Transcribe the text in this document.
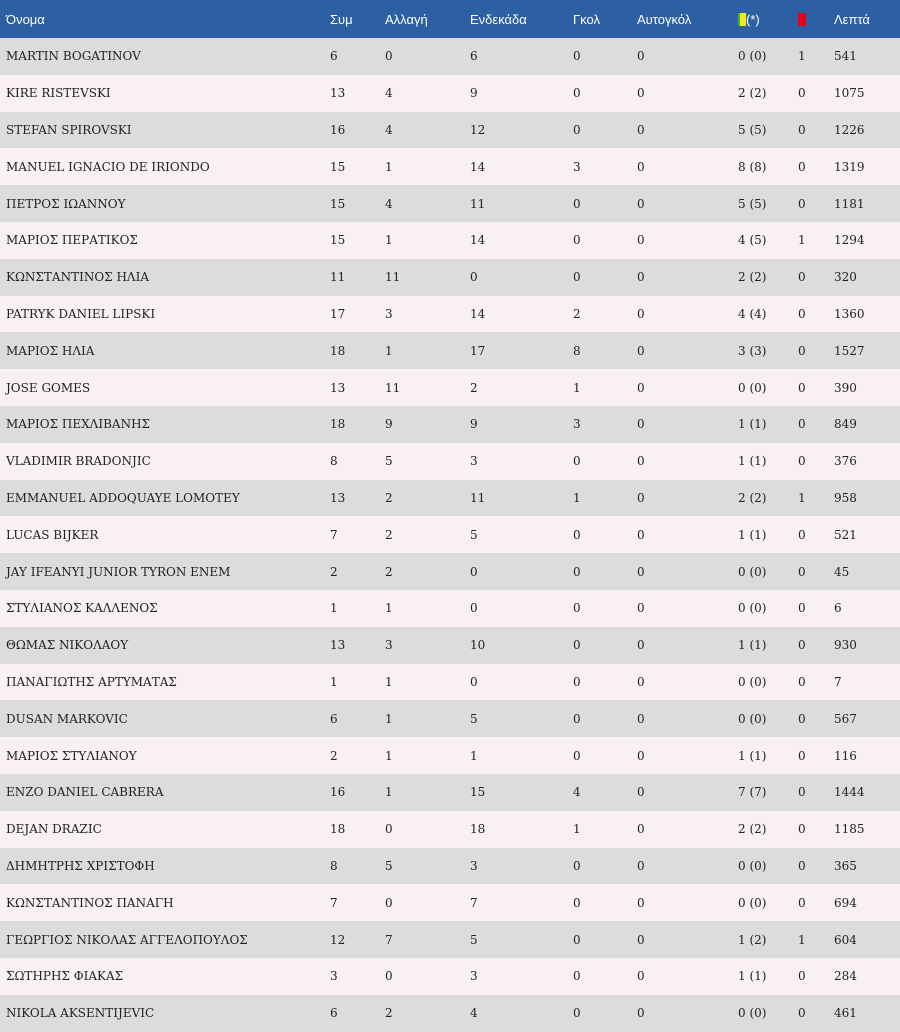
Όνομα	Συμ	Αλλαγή	Ενδεκάδα	Γκολ	Αυτογκόλ	(*)		Λεπτά
MARTIN BOGATINOV	6	0	6	0	0	0 (0)	1	541
KIRE RISTEVSKI	13	4	9	0	0	2 (2)	0	1075
STEFAN SPIROVSKI	16	4	12	0	0	5 (5)	0	1226
MANUEL IGNACIO DE IRIONDO	15	1	14	3	0	8 (8)	0	1319
ΠΕΤΡΟΣ ΙΩΑΝΝΟΥ	15	4	11	0	0	5 (5)	0	1181
ΜΑΡΙΟΣ ΠΕΡΑΤΙΚΟΣ	15	1	14	0	0	4 (5)	1	1294
ΚΩΝΣΤΑΝΤΙΝΟΣ ΗΛΙΑ	11	11	0	0	0	2 (2)	0	320
PATRYK DANIEL LIPSKI	17	3	14	2	0	4 (4)	0	1360
ΜΑΡΙΟΣ ΗΛΙΑ	18	1	17	8	0	3 (3)	0	1527
JOSE GOMES	13	11	2	1	0	0 (0)	0	390
ΜΑΡΙΟΣ ΠΕΧΛΙΒΑΝΗΣ	18	9	9	3	0	1 (1)	0	849
VLADIMIR BRADONJIC	8	5	3	0	0	1 (1)	0	376
EMMANUEL ADDOQUAYE LOMOTEY	13	2	11	1	0	2 (2)	1	958
LUCAS BIJKER	7	2	5	0	0	1 (1)	0	521
JAY IFEANYI JUNIOR TYRON ENEM	2	2	0	0	0	0 (0)	0	45
ΣΤΥΛΙΑΝΟΣ ΚΑΛΛΕΝΟΣ	1	1	0	0	0	0 (0)	0	6
ΘΩΜΑΣ ΝΙΚΟΛΑΟΥ	13	3	10	0	0	1 (1)	0	930
ΠΑΝΑΓΙΩΤΗΣ ΑΡΤΥΜΑΤΑΣ	1	1	0	0	0	0 (0)	0	7
DUSAN MARKOVIC	6	1	5	0	0	0 (0)	0	567
ΜΑΡΙΟΣ ΣΤΥΛΙΑΝΟΥ	2	1	1	0	0	1 (1)	0	116
ENZO DANIEL CABRERA	16	1	15	4	0	7 (7)	0	1444
DEJAN DRAZIC	18	0	18	1	0	2 (2)	0	1185
ΔΗΜΗΤΡΗΣ ΧΡΙΣΤΟΦΗ	8	5	3	0	0	0 (0)	0	365
ΚΩΝΣΤΑΝΤΙΝΟΣ ΠΑΝΑΓΗ	7	0	7	0	0	0 (0)	0	694
ΓΕΩΡΓΙΟΣ ΝΙΚΟΛΑΣ ΑΓΓΕΛΟΠΟΥΛΟΣ	12	7	5	0	0	1 (2)	1	604
ΣΩΤΗΡΗΣ ΦΙΑΚΑΣ	3	0	3	0	0	1 (1)	0	284
NIKOLA AKSENTIJEVIC	6	2	4	0	0	0 (0)	0	461
